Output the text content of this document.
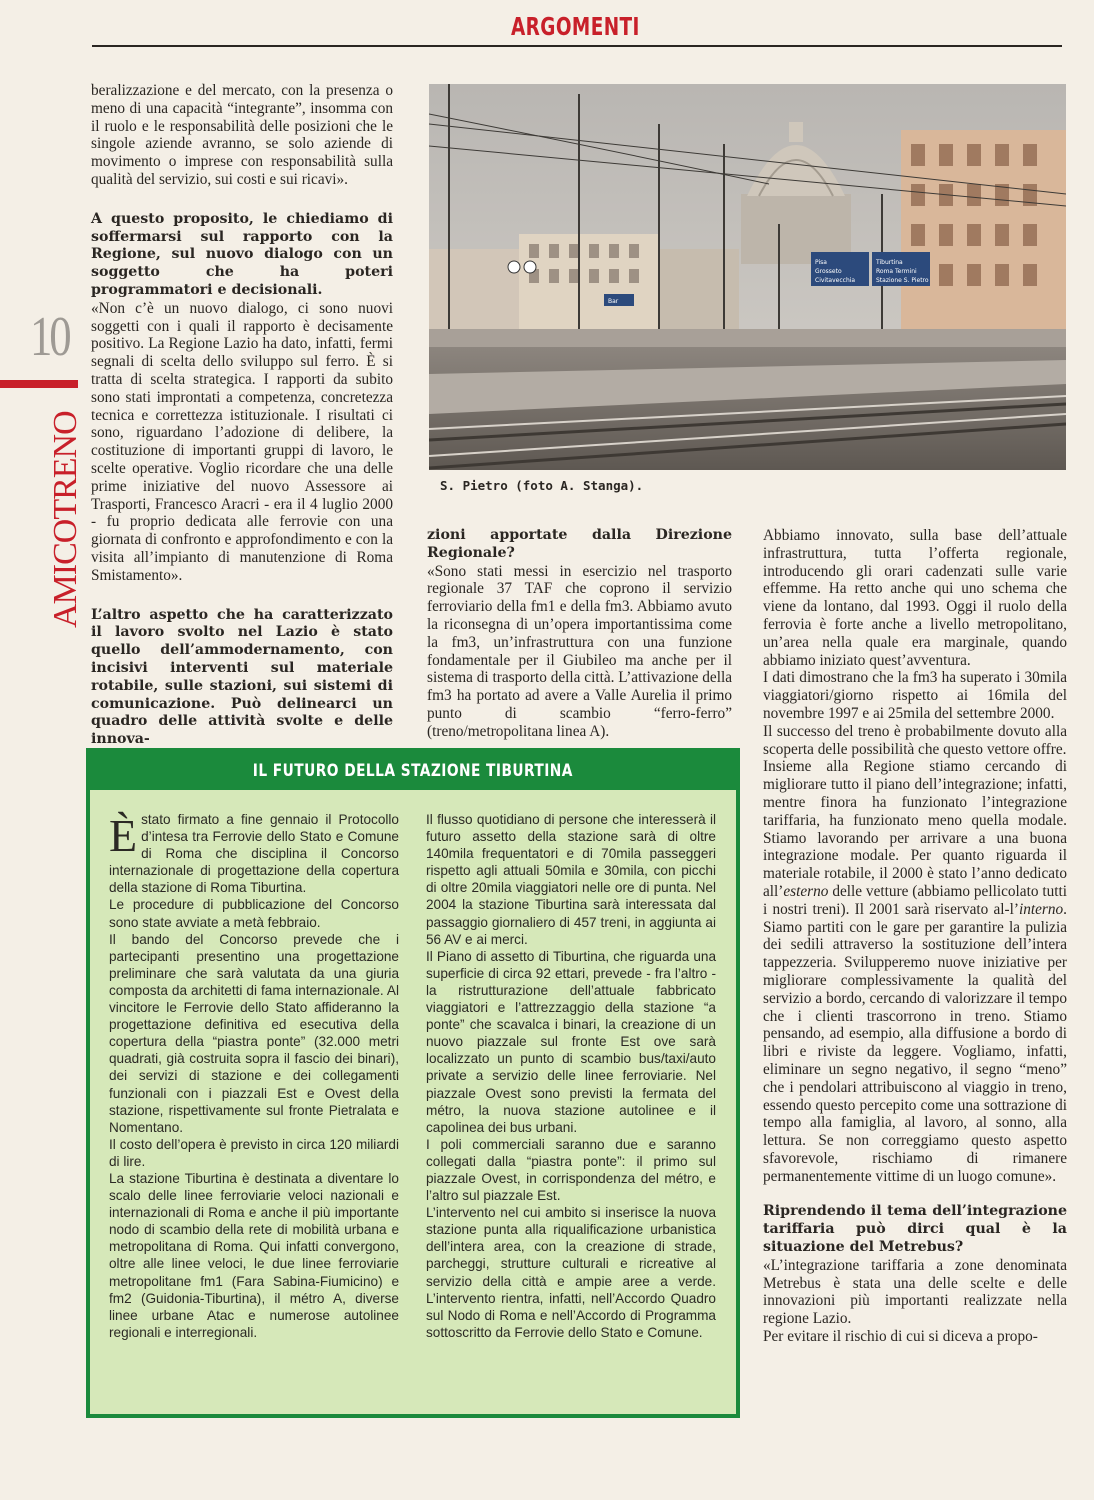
ARGOMENTI
10
AMICOTRENO

beralizzazione e del mercato, con la presenza o meno di una capacità “integrante”, insomma con il ruolo e le responsabilità delle posizioni che le singole aziende avranno, se solo aziende di movimento o imprese con responsabilità sulla qualità del servizio, sui costi e sui ricavi».

A questo proposito, le chiediamo di soffermarsi sul rapporto con la Regione, sul nuovo dialogo con un soggetto che ha poteri programmatori e decisionali.

«Non c’è un nuovo dialogo, ci sono nuovi soggetti con i quali il rapporto è decisamente positivo. La Regione Lazio ha dato, infatti, fermi segnali di scelta dello sviluppo sul ferro. È si tratta di scelta strategica. I rapporti da subito sono stati improntati a competenza, concretezza tecnica e correttezza istituzionale. I risultati ci sono, riguardano l’adozione di delibere, la costituzione di importanti gruppi di lavoro, le scelte operative. Voglio ricordare che una delle prime iniziative del nuovo Assessore ai Trasporti, Francesco Aracri - era il 4 luglio 2000 - fu proprio dedicata alle ferrovie con una giornata di confronto e approfondimento e con la visita all’impianto di manutenzione di Roma Smistamento».

L’altro aspetto che ha caratterizzato il lavoro svolto nel Lazio è stato quello dell’ammodernamento, con incisivi interventi sul materiale rotabile, sulle stazioni, sui sistemi di comunicazione. Può delinearci un quadro delle attività svolte e delle innova-

Pisa
Grosseto
Civitavecchia
Tiburtina
Roma Termini
Stazione S. Pietro
Bar
S. Pietro (foto A. Stanga).

zioni apportate dalla Direzione Regionale?

«Sono stati messi in esercizio nel trasporto regionale 37 TAF che coprono il servizio ferroviario della fm1 e della fm3. Abbiamo avuto la riconsegna di un’opera importantissima come la fm3, un’infrastruttura con una funzione fondamentale per il Giubileo ma anche per il sistema di trasporto della città. L’attivazione della fm3 ha portato ad avere a Valle Aurelia il primo punto di scambio “ferro-ferro” (treno/metropolitana linea A).

Abbiamo innovato, sulla base dell’attuale infrastruttura, tutta l’offerta regionale, introducendo gli orari cadenzati sulle varie effemme. Ha retto anche qui uno schema che viene da lontano, dal 1993. Oggi il ruolo della ferrovia è forte anche a livello metropolitano, un’area nella quale era marginale, quando abbiamo iniziato quest’avventura.

I dati dimostrano che la fm3 ha superato i 30mila viaggiatori/giorno rispetto ai 16mila del novembre 1997 e ai 25mila del settembre 2000.

Il successo del treno è probabilmente dovuto alla scoperta delle possibilità che questo vettore offre.

Insieme alla Regione stiamo cercando di migliorare tutto il piano dell’integrazione; infatti, mentre finora ha funzionato l’integrazione tariffaria, ha funzionato meno quella modale. Stiamo lavorando per arrivare a una buona integrazione modale. Per quanto riguarda il materiale rotabile, il 2000 è stato l’anno dedicato all’esterno delle vetture (abbiamo pellicolato tutti i nostri treni). Il 2001 sarà riservato al-l’interno. Siamo partiti con le gare per garantire la pulizia dei sedili attraverso la sostituzione dell’intera tappezzeria. Svilupperemo nuove iniziative per migliorare complessivamente la qualità del servizio a bordo, cercando di valorizzare il tempo che i clienti trascorrono in treno. Stiamo pensando, ad esempio, alla diffusione a bordo di libri e riviste da leggere. Vogliamo, infatti, eliminare un segno negativo, il segno “meno” che i pendolari attribuiscono al viaggio in treno, essendo questo percepito come una sottrazione di tempo alla famiglia, al lavoro, al sonno, alla lettura. Se non correggiamo questo aspetto sfavorevole, rischiamo di rimanere permanentemente vittime di un luogo comune».

Riprendendo il tema dell’integrazione tariffaria può dirci qual è la situazione del Metrebus?

«L’integrazione tariffaria a zone denominata Metrebus è stata una delle scelte e delle innovazioni più importanti realizzate nella regione Lazio.

Per evitare il rischio di cui si diceva a propo-

IL FUTURO DELLA STAZIONE TIBURTINA

Èstato firmato a fine gennaio il Protocollo d’intesa tra Ferrovie dello Stato e Comune di Roma che disciplina il Concorso internazionale di progettazione della copertura della stazione di Roma Tiburtina.

Le procedure di pubblicazione del Concorso sono state avviate a metà febbraio.

Il bando del Concorso prevede che i partecipanti presentino una progettazione preliminare che sarà valutata da una giuria composta da architetti di fama internazionale. Al vincitore le Ferrovie dello Stato affideranno la progettazione definitiva ed esecutiva della copertura della “piastra ponte” (32.000 metri quadrati, già costruita sopra il fascio dei binari), dei servizi di stazione e dei collegamenti funzionali con i piazzali Est e Ovest della stazione, rispettivamente sul fronte Pietralata e Nomentano.

Il costo dell’opera è previsto in circa 120 miliardi di lire.

La stazione Tiburtina è destinata a diventare lo scalo delle linee ferroviarie veloci nazionali e internazionali di Roma e anche il più importante nodo di scambio della rete di mobilità urbana e metropolitana di Roma. Qui infatti convergono, oltre alle linee veloci, le due linee ferroviarie metropolitane fm1 (Fara Sabina-Fiumicino) e fm2 (Guidonia-Tiburtina), il métro A, diverse linee urbane Atac e numerose autolinee regionali e interregionali.

Il flusso quotidiano di persone che interesserà il futuro assetto della stazione sarà di oltre 140mila frequentatori e di 70mila passeggeri rispetto agli attuali 50mila e 30mila, con picchi di oltre 20mila viaggiatori nelle ore di punta. Nel 2004 la stazione Tiburtina sarà interessata dal passaggio giornaliero di 457 treni, in aggiunta ai 56 AV e ai merci.

Il Piano di assetto di Tiburtina, che riguarda una superficie di circa 92 ettari, prevede - fra l’altro - la ristrutturazione dell’attuale fabbricato viaggiatori e l’attrezzaggio della stazione “a ponte” che scavalca i binari, la creazione di un nuovo piazzale sul fronte Est ove sarà localizzato un punto di scambio bus/taxi/auto private a servizio delle linee ferroviarie. Nel piazzale Ovest sono previsti la fermata del métro, la nuova stazione autolinee e il capolinea dei bus urbani.

I poli commerciali saranno due e saranno collegati dalla “piastra ponte”: il primo sul piazzale Ovest, in corrispondenza del métro, e l’altro sul piazzale Est.

L’intervento nel cui ambito si inserisce la nuova stazione punta alla riqualificazione urbanistica dell’intera area, con la creazione di strade, parcheggi, strutture culturali e ricreative al servizio della città e ampie aree a verde. L’intervento rientra, infatti, nell’Accordo Quadro sul Nodo di Roma e nell’Accordo di Programma sottoscritto da Ferrovie dello Stato e Comune.
